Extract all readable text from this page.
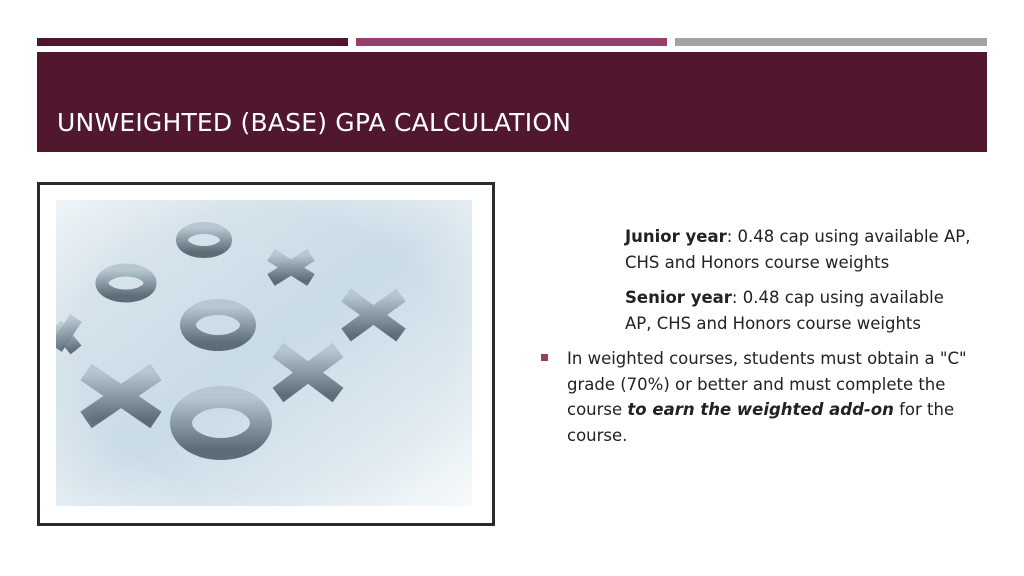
UNWEIGHTED (BASE) GPA CALCULATION
Junior year: 0.48 cap using available AP, CHS and Honors course weights
Senior year: 0.48 cap using available AP, CHS and Honors course weights
In weighted courses, students must obtain a "C" grade (70%) or better and must complete the course to earn the weighted add-on for the course.
